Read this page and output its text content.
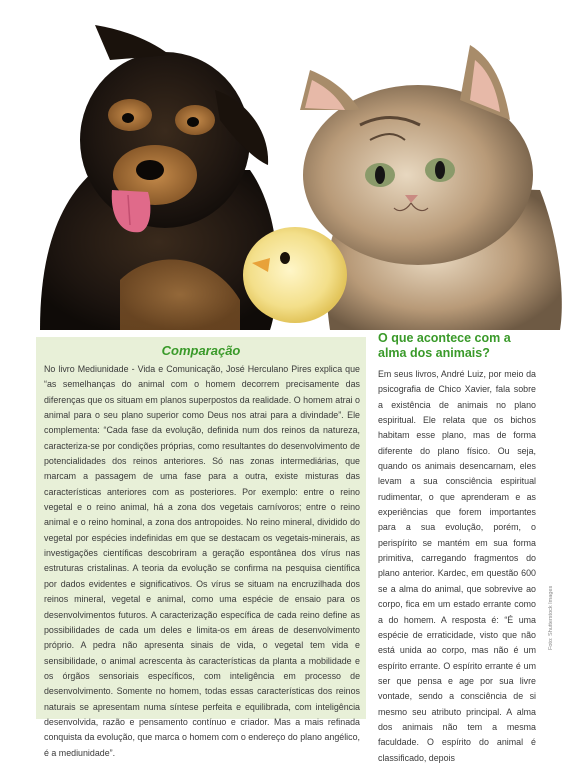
Comparação
No livro Mediunidade - Vida e Comunicação, José Herculano Pires explica que “as semelhanças do animal com o homem decorrem precisamente das diferenças que os situam em planos superpostos da realidade. O homem atrai o animal para o seu plano superior como Deus nos atrai para a divindade”. Ele complementa: “Cada fase da evolução, definida num dos reinos da natureza, caracteriza-se por condições próprias, como resultantes do desenvolvimento de potencialidades dos reinos anteriores. Só nas zonas intermediárias, que marcam a passagem de uma fase para a outra, existe misturas das características anteriores com as posteriores. Por exemplo: entre o reino vegetal e o reino animal, há a zona dos vegetais carnívoros; entre o reino animal e o reino hominal, a zona dos antropoides. No reino mineral, dividido do vegetal por espécies indefinidas em que se destacam os vegetais-minerais, as investigações científicas descobriram a geração espontânea dos vírus nas estruturas cristalinas. A teoria da evolução se confirma na pesquisa científica por dados evidentes e significativos. Os vírus se situam na encruzilhada dos reinos mineral, vegetal e animal, como uma espécie de ensaio para os desenvolvimentos futuros. A caracterização específica de cada reino define as possibilidades de cada um deles e limita-os em áreas de desenvolvimento próprio. A pedra não apresenta sinais de vida, o vegetal tem vida e sensibilidade, o animal acrescenta às características da planta a mobilidade e os órgãos sensoriais específicos, com inteligência em processo de desenvolvimento. Somente no homem, todas essas características dos reinos naturais se apresentam numa síntese perfeita e equilibrada, com inteligência desenvolvida, razão e pensamento contínuo e criador. Mas a mais refinada conquista da evolução, que marca o homem com o endereço do plano angélico, é a mediunidade”.
O que acontece com a alma dos animais?
Em seus livros, André Luiz, por meio da psicografia de Chico Xavier, fala sobre a existência de animais no plano espiritual. Ele relata que os bichos habitam esse plano, mas de forma diferente do plano físico. Ou seja, quando os animais desencarnam, eles levam a sua consciência espiritual rudimentar, o que aprenderam e as experiências que forem importantes para a sua evolução, porém, o perispírito se mantém em sua forma primitiva, carregando fragmentos do plano anterior. Kardec, em questão 600 se a alma do animal, que sobrevive ao corpo, fica em um estado errante como a do homem. A resposta é: “É uma espécie de erraticidade, visto que não está unida ao corpo, mas não é um espírito errante. O espírito errante é um ser que pensa e age por sua livre vontade, sendo a consciência de si mesmo seu atributo principal. A alma dos animais não tem a mesma faculdade. O espírito do animal é classificado, depois
Foto: Shutterstock Images
